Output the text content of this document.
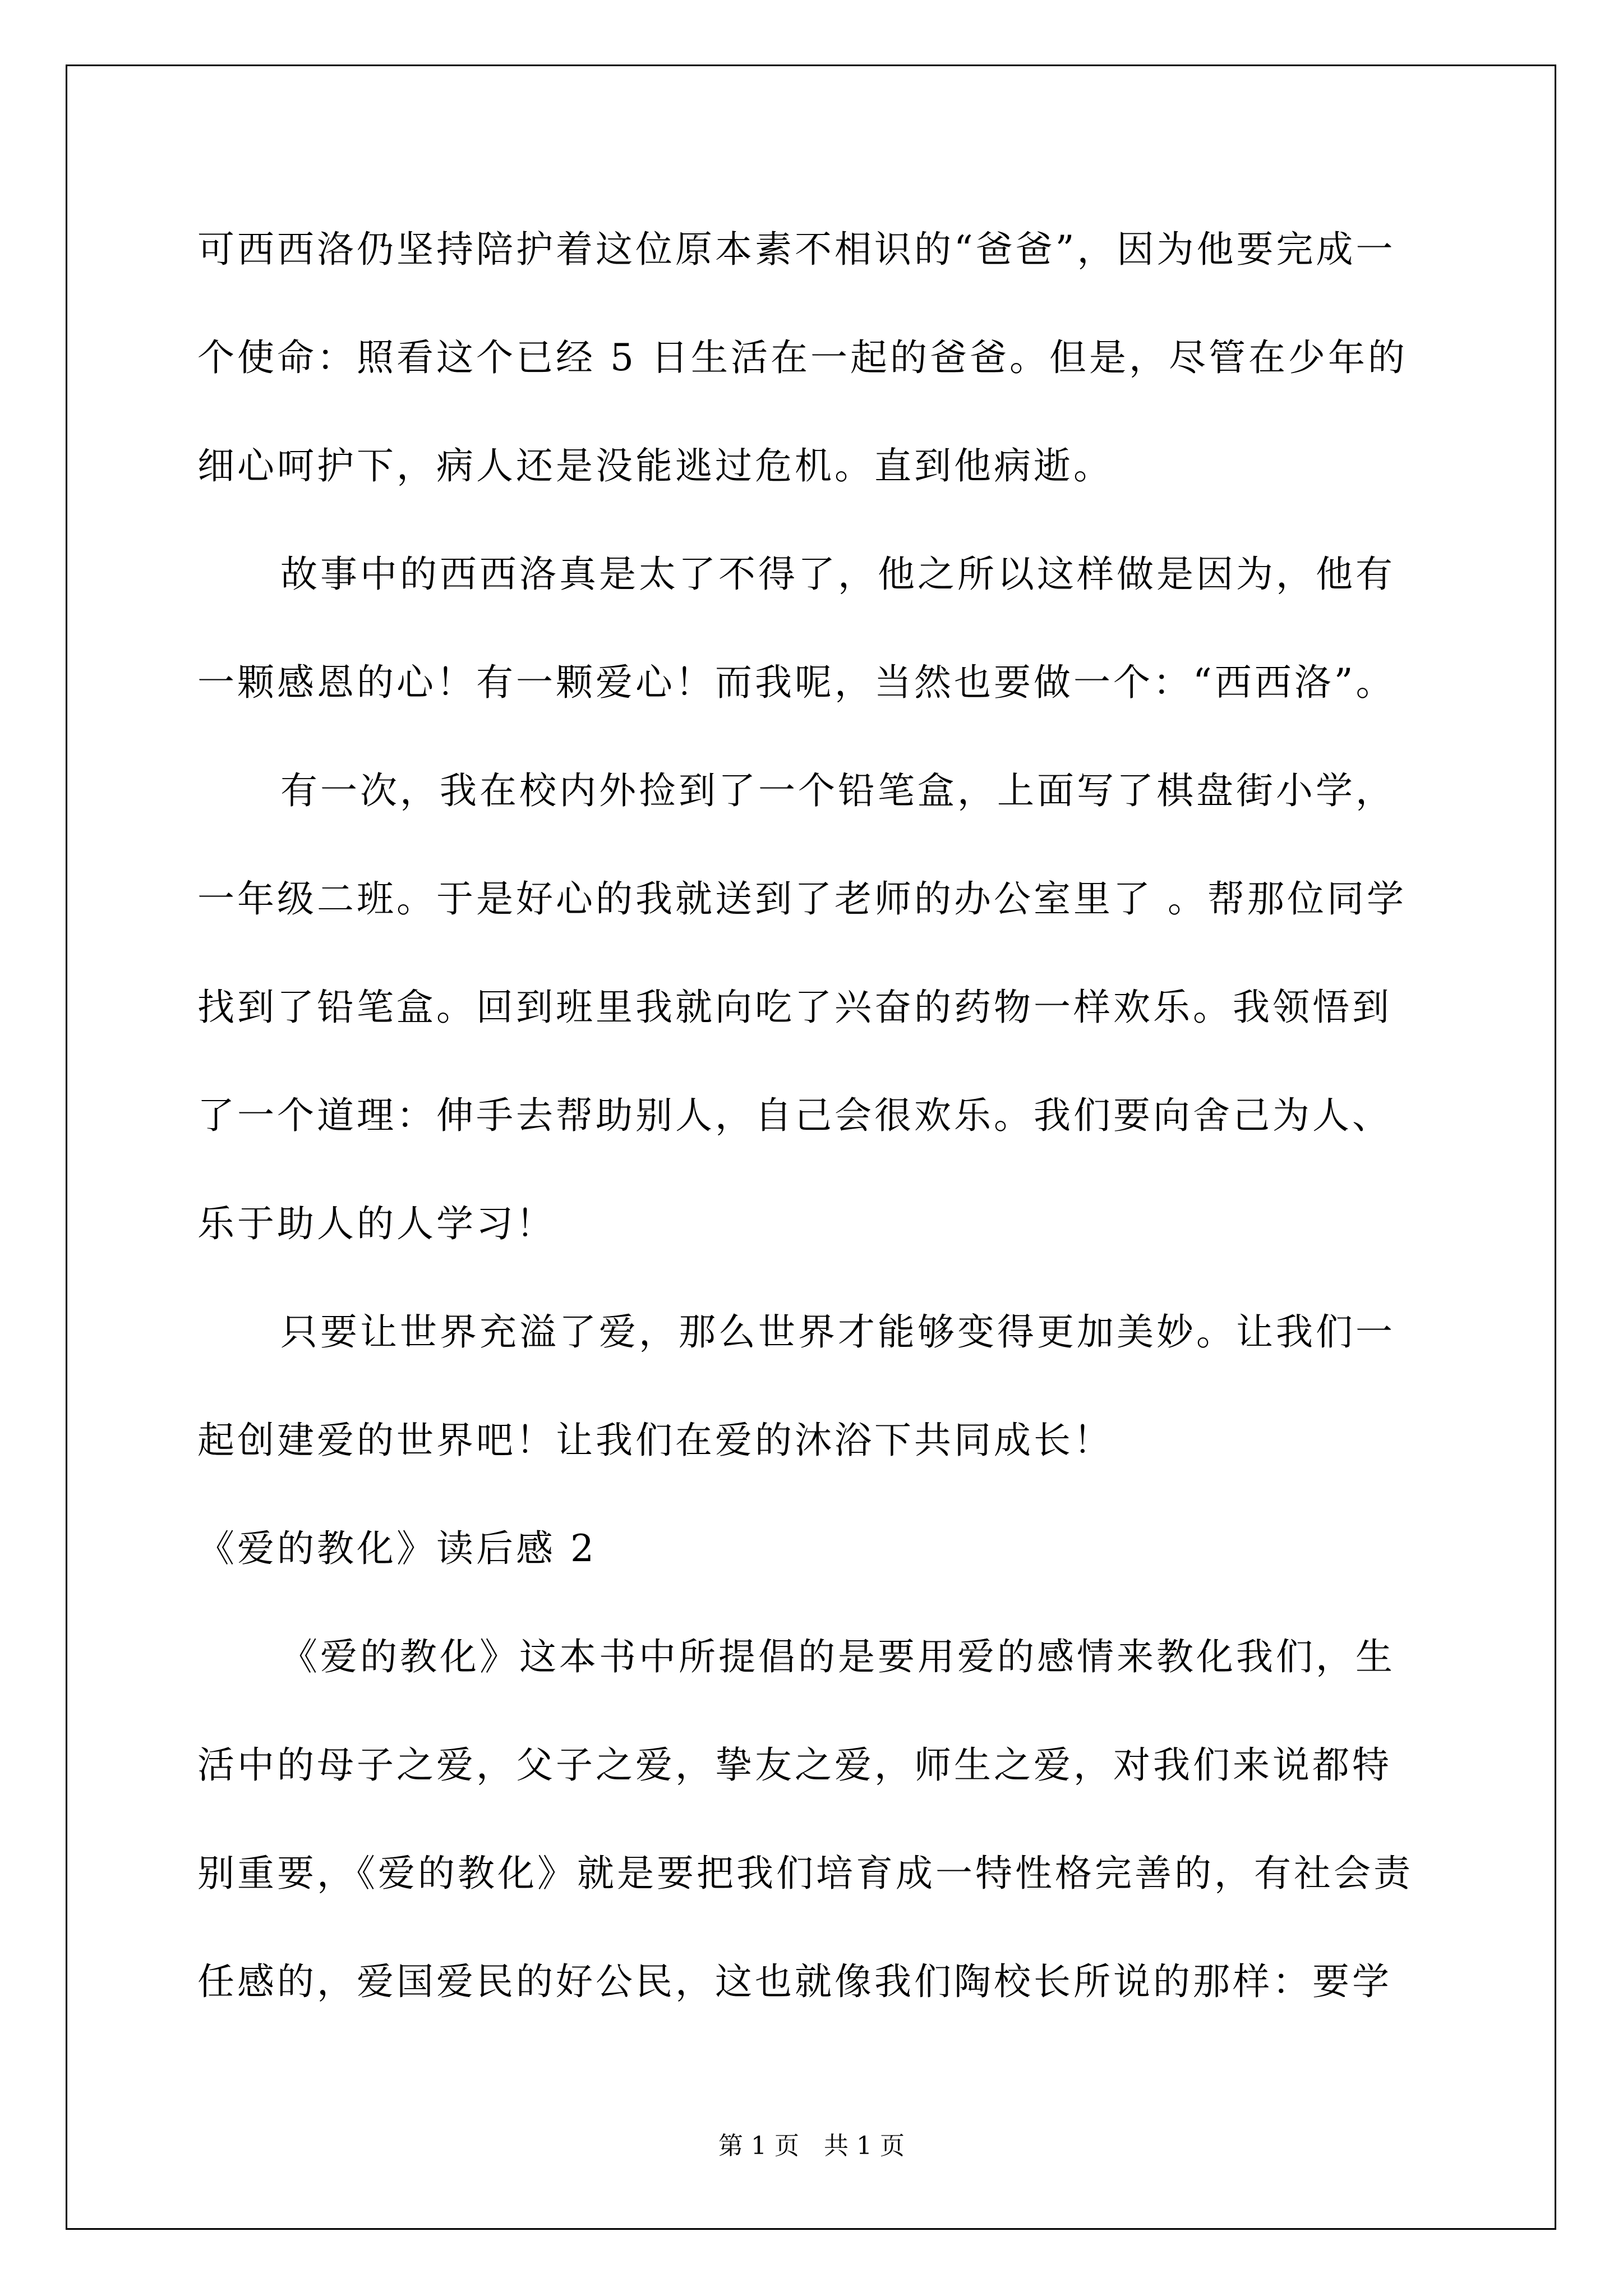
可西西洛仍坚持陪护着这位原本素不相识的“爸爸”，因为他要完成一
个使命：照看这个已经 5 日生活在一起的爸爸。但是，尽管在少年的
细心呵护下，病人还是没能逃过危机。直到他病逝。
故事中的西西洛真是太了不得了，他之所以这样做是因为，他有
一颗感恩的心！有一颗爱心！而我呢，当然也要做一个：“西西洛”。
有一次，我在校内外捡到了一个铅笔盒，上面写了棋盘街小学，
一年级二班。于是好心的我就送到了老师的办公室里了 。帮那位同学
找到了铅笔盒。回到班里我就向吃了兴奋的药物一样欢乐。我领悟到
了一个道理：伸手去帮助别人，自己会很欢乐。我们要向舍己为人、
乐于助人的人学习！
只要让世界充溢了爱，那么世界才能够变得更加美妙。让我们一
起创建爱的世界吧！让我们在爱的沐浴下共同成长！
《爱的教化》读后感 2
《爱的教化》这本书中所提倡的是要用爱的感情来教化我们，生
活中的母子之爱，父子之爱，挚友之爱，师生之爱，对我们来说都特
别重要，《爱的教化》就是要把我们培育成一特性格完善的，有社会责
任感的，爱国爱民的好公民，这也就像我们陶校长所说的那样：要学
第 1 页　共 1 页
